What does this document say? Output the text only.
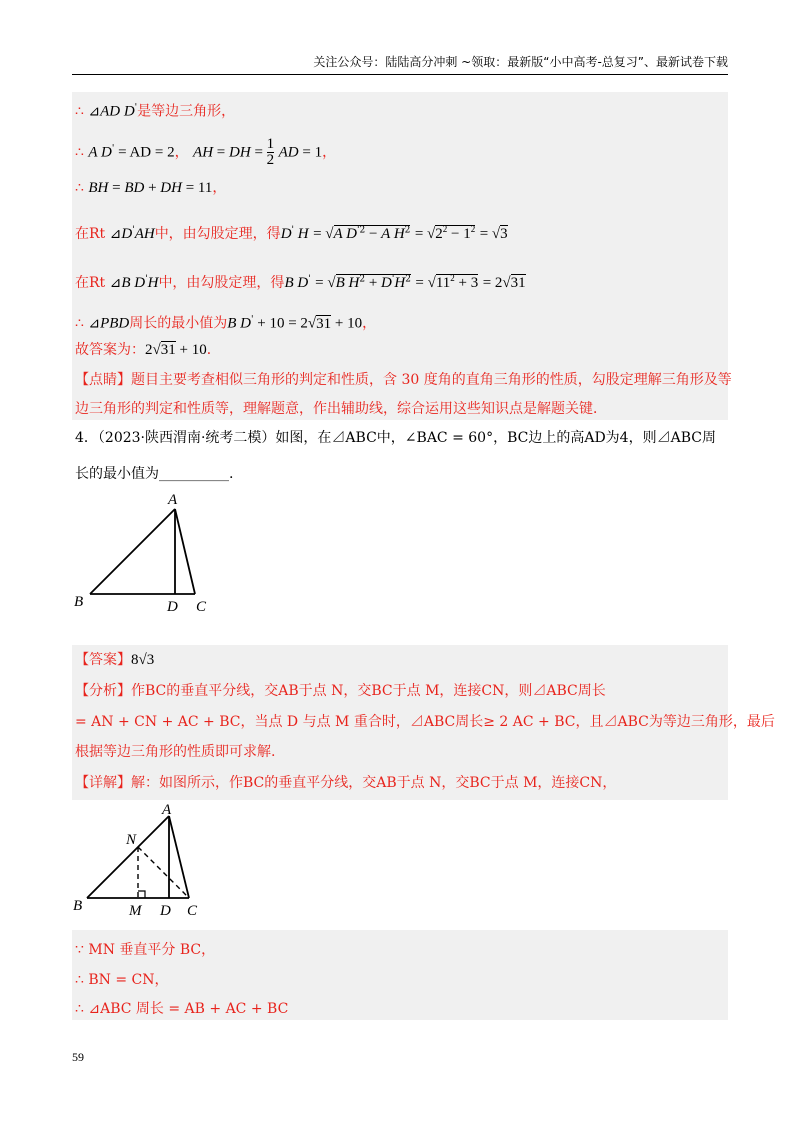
关注公众号：陆陆高分冲刺 ~领取：最新版“小中高考-总复习”、最新试卷下载
∴ ⊿AD D'是等边三角形，
∴ A D' = AD = 2， AH = DH = $\frac{1}{2}$ AD = 1，
∴ BH = BD + DH = 11，
在Rt ⊿D'AH中，由勾股定理，得D' H = √A $D^{'2} - A$ $H^2 = √2^2 - 1^2 = √3$
在Rt ⊿B D'H中，由勾股定理，得B D' = √B $H^2 + D'H^2 = √11^2 + 3 = 2√31$
∴ ⊿PBD周长的最小值为B D' + 10 = 2√31 + 10，
故答案为：2√31 + 10．
【点睛】题目主要考查相似三角形的判定和性质，含 30 度角的直角三角形的性质，勾股定理解三角形及等
边三角形的判定和性质等，理解题意，作出辅助线，综合运用这些知识点是解题关键．
4．（2023·陕西渭南·统考二模）如图，在⊿ABC中，∠BAC = 60°，BC边上的高AD为4，则⊿ABC周
长的最小值为__________.
A
B	D C
【答案】8√3
【分析】作BC的垂直平分线，交AB于点 N，交BC于点 M，连接CN，则⊿ABC周长
= AN + CN + AC + BC，当点 D 与点 M 重合时，⊿ABC周长≥ 2 AC + BC，且⊿ABC为等边三角形，最后
根据等边三角形的性质即可求解.
【详解】解：如图所示，作BC的垂直平分线，交AB于点 N，交BC于点 M，连接CN，
A
N
B	M D C
∵ MN 垂直平分 BC，
∴ BN = CN，
∴ ⊿ABC 周长 = AB + AC + BC
59
